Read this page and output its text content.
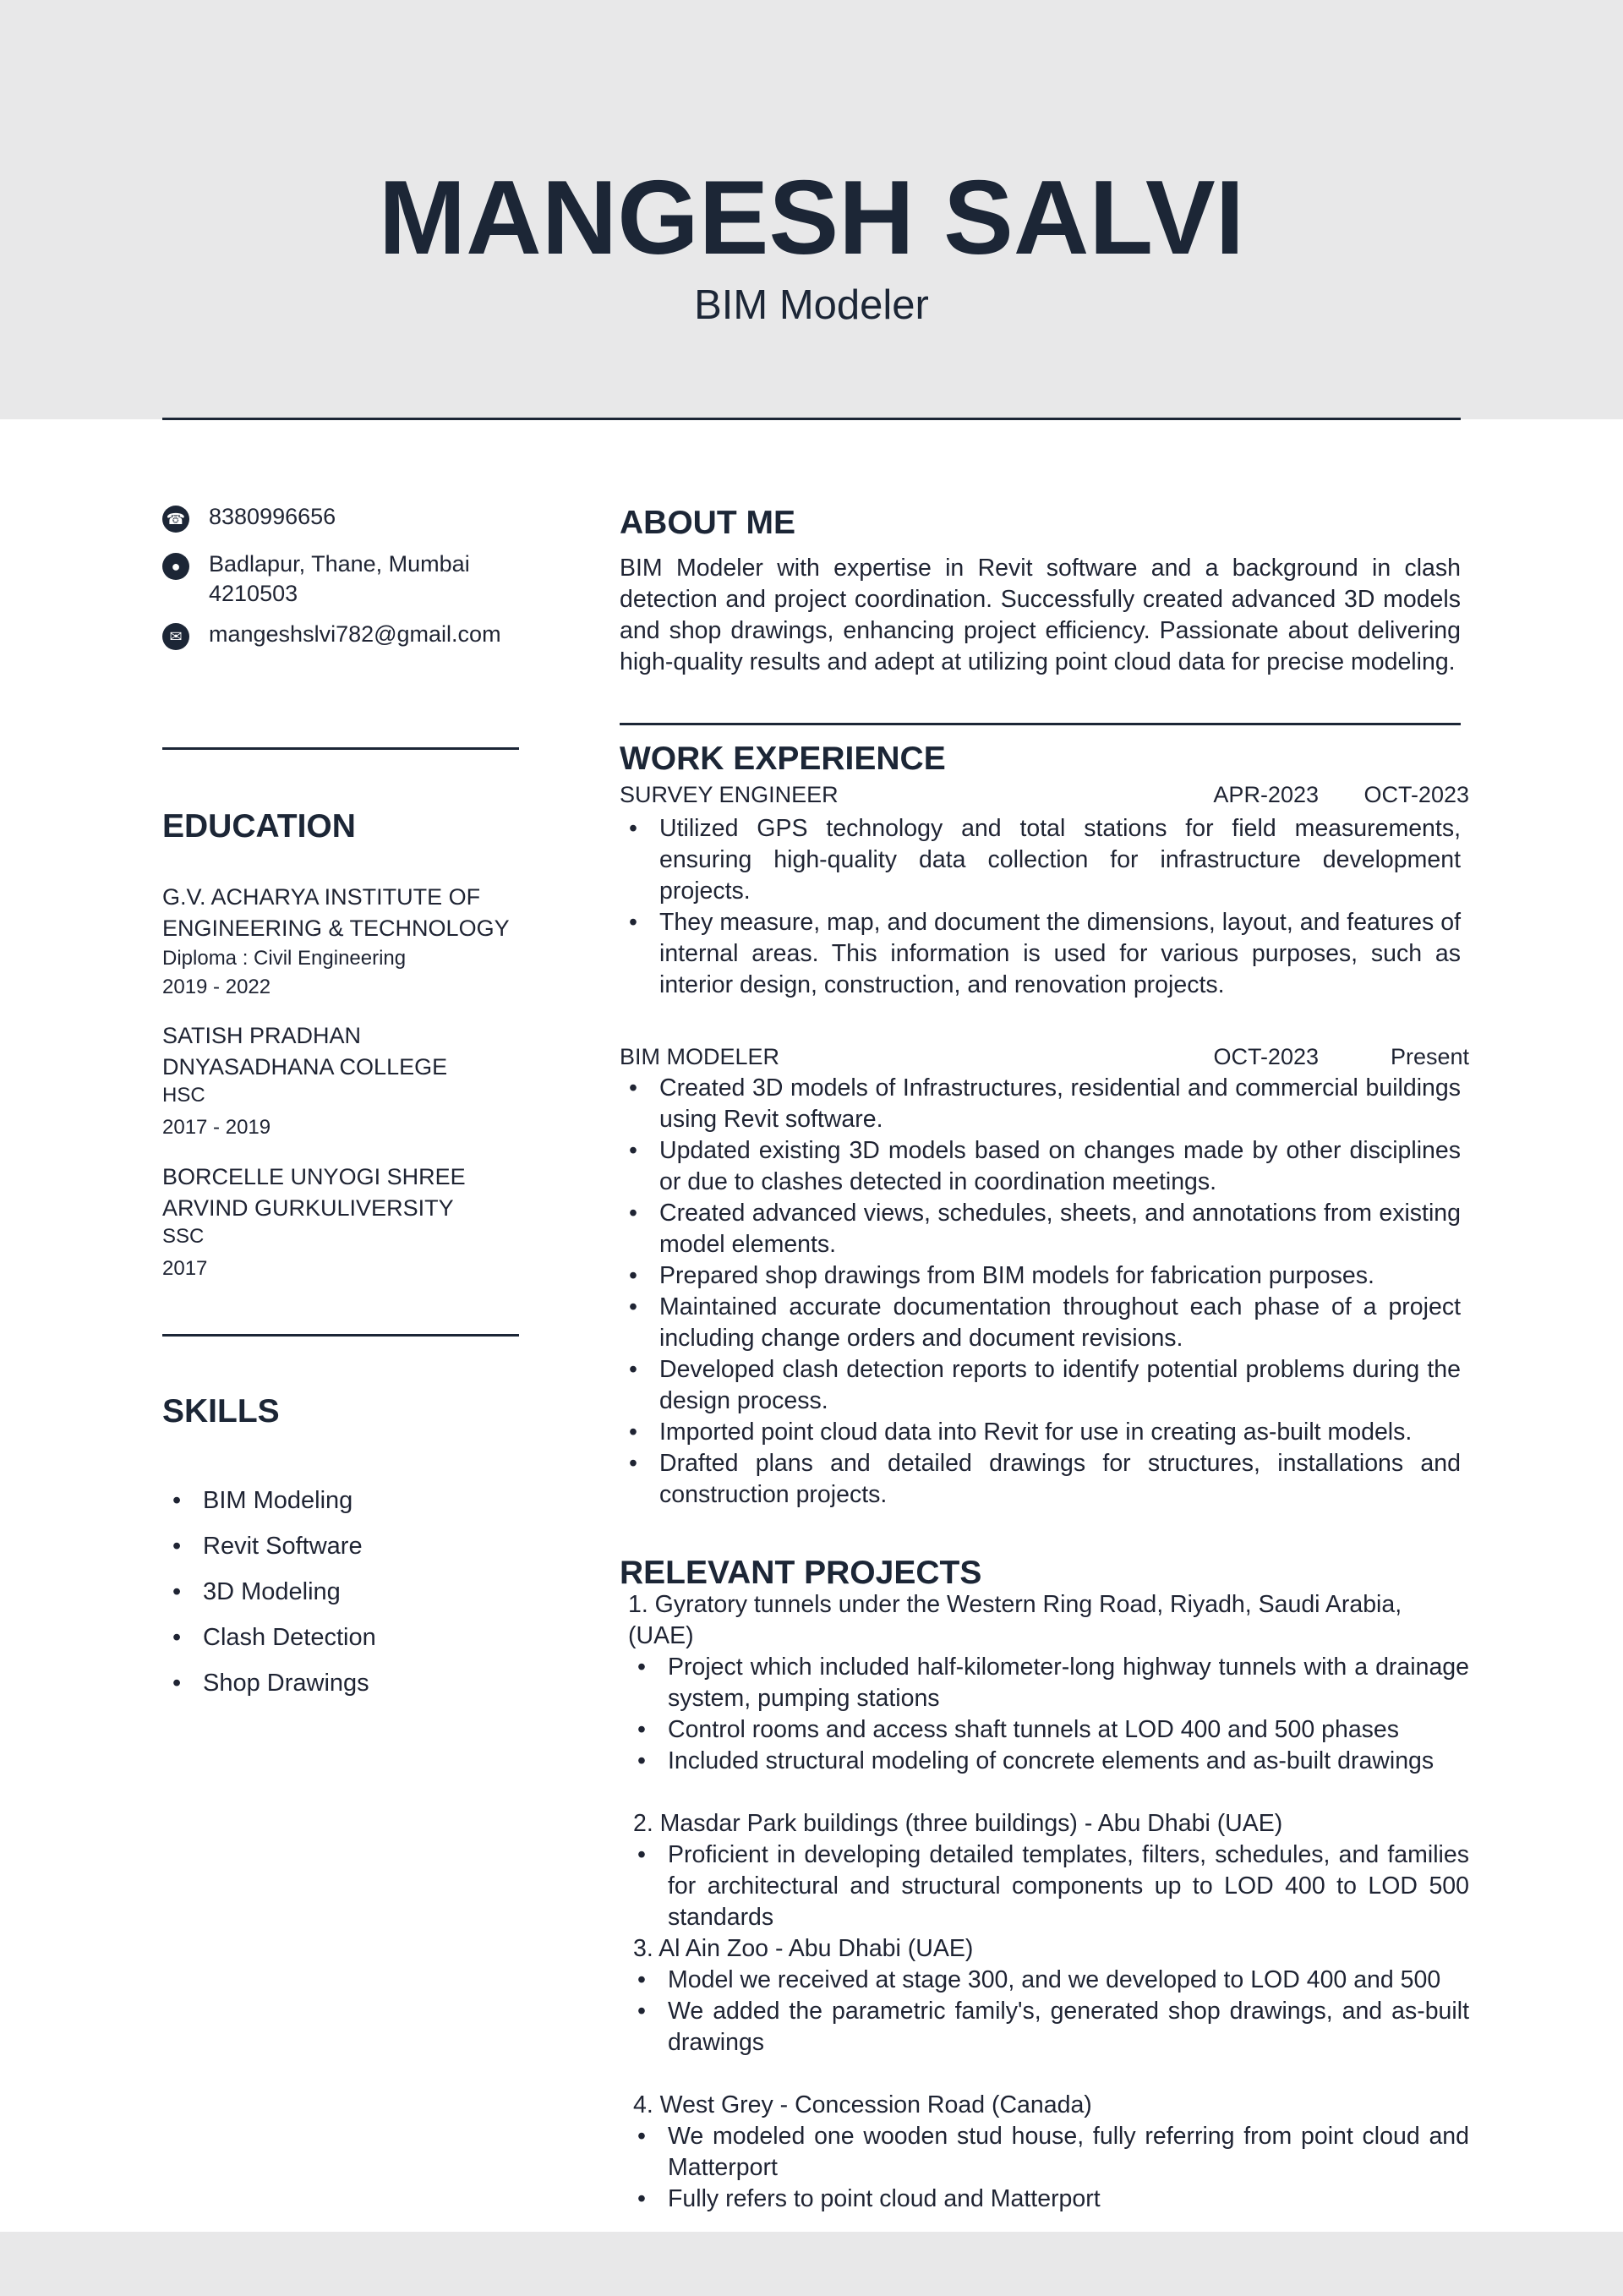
MANGESH SALVI
BIM Modeler
☎ 8380996656
●	Badlapur, Thane, Mumbai 4210503
✉	mangeshslvi782@gmail.com
EDUCATION
G.V. ACHARYA INSTITUTE OF ENGINEERING & TECHNOLOGY
Diploma : Civil Engineering
2019 - 2022
SATISH PRADHAN DNYASADHANA COLLEGE
HSC
2017 - 2019
BORCELLE UNYOGI SHREE ARVIND GURKULIVERSITY
SSC
2017
SKILLS
• BIM Modeling
• Revit Software
• 3D Modeling
• Clash Detection
• Shop Drawings
ABOUT ME
BIM Modeler with expertise in Revit software and a background in clash detection and project coordination. Successfully created advanced 3D models and shop drawings, enhancing project efficiency. Passionate about delivering high-quality results and adept at utilizing point cloud data for precise modeling.
WORK EXPERIENCE
SURVEY ENGINEER	APR-2023 OCT-2023
• Utilized GPS technology and total stations for field measurements, ensuring high-quality data collection for infrastructure development projects.
• They measure, map, and document the dimensions, layout, and features of internal areas. This information is used for various purposes, such as interior design, construction, and renovation projects.
BIM MODELER	OCT-2023	Present
• Created 3D models of Infrastructures, residential and commercial buildings using Revit software.
• Updated existing 3D models based on changes made by other disciplines or due to clashes detected in coordination meetings.
• Created advanced views, schedules, sheets, and annotations from existing model elements.
• Prepared shop drawings from BIM models for fabrication purposes.
• Maintained accurate documentation throughout each phase of a project including change orders and document revisions.
• Developed clash detection reports to identify potential problems during the design process.
• Imported point cloud data into Revit for use in creating as-built models.
• Drafted plans and detailed drawings for structures, installations and construction projects.
RELEVANT PROJECTS
1. Gyratory tunnels under the Western Ring Road, Riyadh, Saudi Arabia, (UAE)
• Project which included half-kilometer-long highway tunnels with a drainage system, pumping stations
• Control rooms and access shaft tunnels at LOD 400 and 500 phases
• Included structural modeling of concrete elements and as-built drawings
2. Masdar Park buildings (three buildings) - Abu Dhabi (UAE)
• Proficient in developing detailed templates, filters, schedules, and families for architectural and structural components up to LOD 400 to LOD 500 standards
3. Al Ain Zoo - Abu Dhabi (UAE)
• Model we received at stage 300, and we developed to LOD 400 and 500
• We added the parametric family's, generated shop drawings, and as-built drawings
4. West Grey - Concession Road (Canada)
• We modeled one wooden stud house, fully referring from point cloud and Matterport
• Fully refers to point cloud and Matterport
